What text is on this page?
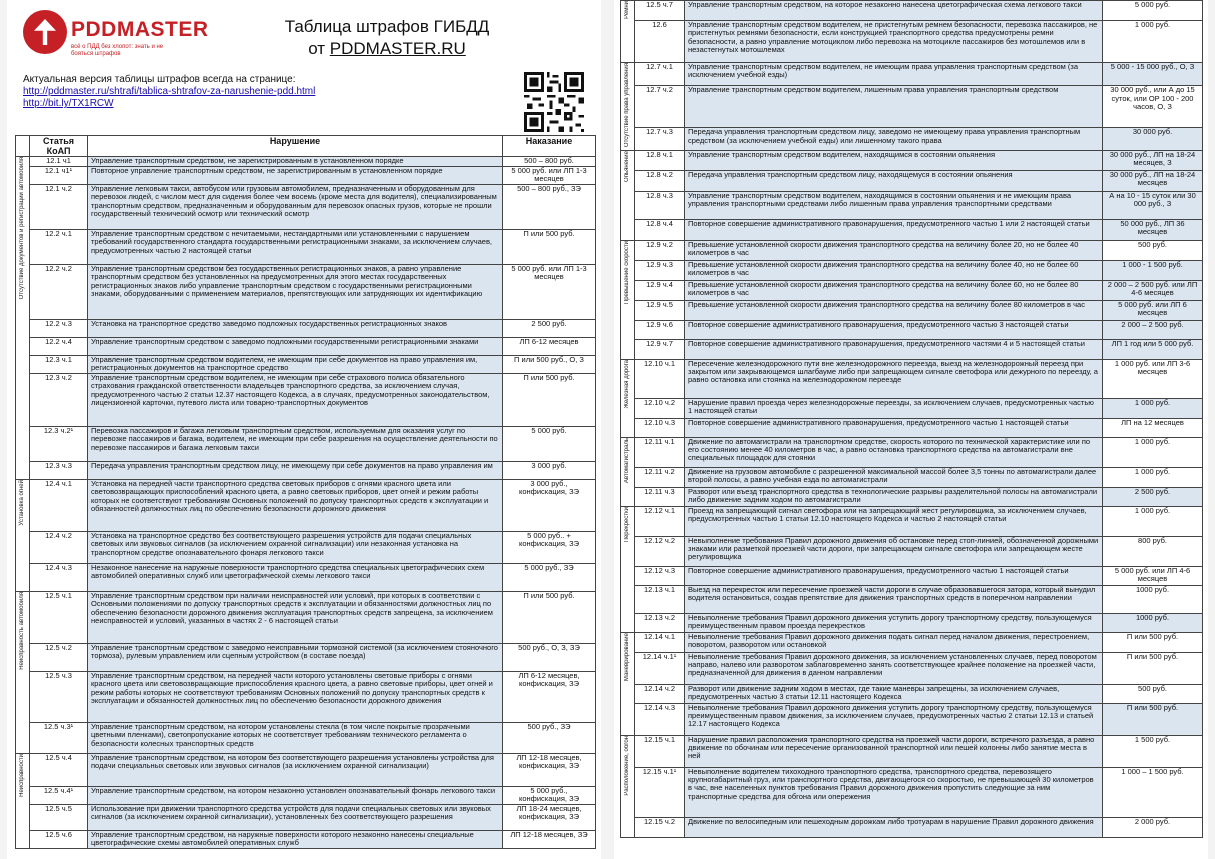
PDDMASTER
всё о ПДД без хлопот: знать и не бояться штрафов
Таблица штрафов ГИБДД
от PDDMASTER.RU
Актуальная версия таблицы штрафов всегда на странице:
http://pddmaster.ru/shtrafi/tablica-shtrafov-za-narushenie-pdd.html
http://bit.ly/TX1RCW
	Статья КоАП	Нарушение	Наказание
Отсутствие документов и регистрации автомобиля	12.1 ч1	Управление транспортным средством, не зарегистрированным в установленном порядке	500 – 800 руб.
	12.1 ч1¹	Повторное управление транспортным средством, не зарегистрированным в установленном порядке	5 000 руб. или ЛП 1-3 месяцев
	12.1 ч.2	Управление легковым такси, автобусом или грузовым автомобилем, предназначенным и оборудованным для перевозок людей, с числом мест для сидения более чем восемь (кроме места для водителя), специализированным транспортным средством, предназначенным и оборудованным для перевозок опасных грузов, которые не прошли государственный технический осмотр или технический осмотр	500 – 800 руб., ЗЭ
	12.2 ч.1	Управление транспортным средством с нечитаемыми, нестандартными или установленными с нарушением требований государственного стандарта государственными регистрационными знаками, за исключением случаев, предусмотренных частью 2 настоящей статьи	П или 500 руб.
	12.2 ч.2	Управление транспортным средством без государственных регистрационных знаков, а равно управление транспортным средством без установленных на предусмотренных для этого местах государственных регистрационных знаков либо управление транспортным средством с государственными регистрационными знаками, оборудованными с применением материалов, препятствующих или затрудняющих их идентификацию	5 000 руб. или ЛП 1-3 месяцев
	12.2 ч.3	Установка на транспортное средство заведомо подложных государственных регистрационных знаков	2 500 руб.
	12.2 ч.4	Управление транспортным средством с заведомо подложными государственными регистрационными знаками	ЛП 6-12 месяцев
	12.3 ч.1	Управление транспортным средством водителем, не имеющим при себе документов на право управления им, регистрационных документов на транспортное средство	П или 500 руб., О, З
	12.3 ч.2	Управление транспортным средством водителем, не имеющим при себе страхового полиса обязательного страхования гражданской ответственности владельцев транспортного средства, за исключением случая, предусмотренного частью 2 статьи 12.37 настоящего Кодекса, а в случаях, предусмотренных законодательством, лицензионной карточки, путевого листа или товарно-транспортных документов	П или 500 руб.
	12.3 ч.2¹	Перевозка пассажиров и багажа легковым транспортным средством, используемым для оказания услуг по перевозке пассажиров и багажа, водителем, не имеющим при себе разрешения на осуществление деятельности по перевозке пассажиров и багажа легковым такси	5 000 руб.
	12.3 ч.3	Передача управления транспортным средством лицу, не имеющему при себе документов на право управления им	3 000 руб.
Установка огней	12.4 ч.1	Установка на передней части транспортного средства световых приборов с огнями красного цвета или световозвращающих приспособлений красного цвета, а равно световых приборов, цвет огней и режим работы которых не соответствуют требованиям Основных положений по допуску транспортных средств к эксплуатации и обязанностей должностных лиц по обеспечению безопасности дорожного движения	3 000 руб., конфискация, ЗЭ
	12.4 ч.2	Установка на транспортное средство без соответствующего разрешения устройств для подачи специальных световых или звуковых сигналов (за исключением охранной сигнализации) или незаконная установка на транспортном средстве опознавательного фонаря легкового такси	5 000 руб.. + конфискация, ЗЭ
	12.4 ч.3	Незаконное нанесение на наружные поверхности транспортного средства специальных цветографических схем автомобилей оперативных служб или цветографической схемы легкового такси	5 000 руб., ЗЭ
Неисправность автомобиля	12.5 ч.1	Управление транспортным средством при наличии неисправностей или условий, при которых в соответствии с Основными положениями по допуску транспортных средств к эксплуатации и обязанностями должностных лиц по обеспечению безопасности дорожного движения эксплуатация транспортных средств запрещена, за исключением неисправностей и условий, указанных в частях 2 - 6 настоящей статьи	П или 500 руб.
	12.5 ч.2	Управление транспортным средством с заведомо неисправными тормозной системой (за исключением стояночного тормоза), рулевым управлением или сцепным устройством (в составе поезда)	500 руб., О, З, ЗЭ
	12.5 ч.3	Управление транспортным средством, на передней части которого установлены световые приборы с огнями красного цвета или световозвращающие приспособления красного цвета, а равно световые приборы, цвет огней и режим работы которых не соответствуют требованиям Основных положений по допуску транспортных средств к эксплуатации и обязанностей должностных лиц по обеспечению безопасности дорожного движения	ЛП 6-12 месяцев, конфискация, ЗЭ
	12.5 ч.3¹	Управление транспортным средством, на котором установлены стекла (в том числе покрытые прозрачными цветными пленками), светопропускание которых не соответствует требованиям технического регламента о безопасности колесных транспортных средств	500 руб., ЗЭ
Неисправности	12.5 ч.4	Управление транспортным средством, на котором без соответствующего разрешения установлены устройства для подачи специальных световых или звуковых сигналов (за исключением охранной сигнализации)	ЛП 12-18 месяцев, конфискация, ЗЭ
	12.5 ч.4¹	Управление транспортным средством, на котором незаконно установлен опознавательный фонарь легкового такси	5 000 руб., конфискация, ЗЭ
	12.5 ч.5	Использование при движении транспортного средства устройств для подачи специальных световых или звуковых сигналов (за исключением охранной сигнализации), установленных без соответствующего разрешения	ЛП 18-24 месяцев, конфискация, ЗЭ
	12.5 ч.6	Управление транспортным средством, на наружные поверхности которого незаконно нанесены специальные цветографические схемы автомобилей оперативных служб	ЛП 12-18 месяцев, ЗЭ
Ремни	12.5 ч.7	Управление транспортным средством, на которое незаконно нанесена цветографическая схема легкового такси	5 000 руб.
	12.6	Управление транспортным средством водителем, не пристегнутым ремнем безопасности, перевозка пассажиров, не пристегнутых ремнями безопасности, если конструкцией транспортного средства предусмотрены ремни безопасности, а равно управление мотоциклом либо перевозка на мотоцикле пассажиров без мотошлемов или в незастегнутых мотошлемах	1 000 руб.
Отсутствие права управления	12.7 ч.1	Управление транспортным средством водителем, не имеющим права управления транспортным средством (за исключением учебной езды)	5 000 - 15 000 руб., О, З
	12.7 ч.2	Управление транспортным средством водителем, лишенным права управления транспортным средством	30 000 руб., или А до 15 суток, или ОР 100 - 200 часов, О, З
	12.7 ч.3	Передача управления транспортным средством лицу, заведомо не имеющему права управления транспортным средством (за исключением учебной езды) или лишенному такого права	30 000 руб.
Опьянение	12.8 ч.1	Управление транспортным средством водителем, находящимся в состоянии опьянения	30 000 руб., ЛП на 18-24 месяцев, З
	12.8 ч.2	Передача управления транспортным средством лицу, находящемуся в состоянии опьянения	30 000 руб., ЛП на 18-24 месяцев
	12.8 ч.3	Управление транспортным средством водителем, находящимся в состоянии опьянения и не имеющим права управления транспортными средствами либо лишенным права управления транспортными средствами	А на 10 - 15 суток или 30 000 руб., З
	12.8 ч.4	Повторное совершение административного правонарушения, предусмотренного частью 1 или 2 настоящей статьи	50 000 руб., ЛП 36 месяцев
Превышение скорости	12.9 ч.2	Превышение установленной скорости движения транспортного средства на величину более 20, но не более 40 километров в час	500 руб.
	12.9 ч.3	Превышение установленной скорости движения транспортного средства на величину более 40, но не более 60 километров в час	1 000 - 1 500 руб.
	12.9 ч.4	Превышение установленной скорости движения транспортного средства на величину более 60, но не более 80 километров в час	2 000 – 2 500 руб. или ЛП 4-6 месяцев
	12.9 ч.5	Превышение установленной скорости движения транспортного средства на величину более 80 километров в час	5 000 руб. или ЛП 6 месяцев
	12.9 ч.6	Повторное совершение административного правонарушения, предусмотренного частью 3 настоящей статьи	2 000 – 2 500 руб.
	12.9 ч.7	Повторное совершение административного правонарушения, предусмотренного частями 4 и 5 настоящей статьи	ЛП 1 год или 5 000 руб.
Железная дорога	12.10 ч.1	Пересечение железнодорожного пути вне железнодорожного переезда, выезд на железнодорожный переезд при закрытом или закрывающемся шлагбауме либо при запрещающем сигнале светофора или дежурного по переезду, а равно остановка или стоянка на железнодорожном переезде	1 000 руб. или ЛП 3-6 месяцев
	12.10 ч.2	Нарушение правил проезда через железнодорожные переезды, за исключением случаев, предусмотренных частью 1 настоящей статьи	1 000 руб.
	12.10 ч.3	Повторное совершение административного правонарушения, предусмотренного частью 1 настоящей статьи	ЛП на 12 месяцев
Автомагистраль	12.11 ч.1	Движение по автомагистрали на транспортном средстве, скорость которого по технической характеристике или по его состоянию менее 40 километров в час, а равно остановка транспортного средства на автомагистрали вне специальных площадок для стоянки	1 000 руб.
	12.11 ч.2	Движение на грузовом автомобиле с разрешенной максимальной массой более 3,5 тонны по автомагистрали далее второй полосы, а равно учебная езда по автомагистрали	1 000 руб.
	12.11 ч.3	Разворот или въезд транспортного средства в технологические разрывы разделительной полосы на автомагистрали либо движение задним ходом по автомагистрали	2 500 руб.
Перекрестки	12.12 ч.1	Проезд на запрещающий сигнал светофора или на запрещающий жест регулировщика, за исключением случаев, предусмотренных частью 1 статьи 12.10 настоящего Кодекса и частью 2 настоящей статьи	1 000 руб.
	12.12 ч.2	Невыполнение требования Правил дорожного движения об остановке перед стоп-линией, обозначенной дорожными знаками или разметкой проезжей части дороги, при запрещающем сигнале светофора или запрещающем жесте регулировщика	800 руб.
	12.12 ч.3	Повторное совершение административного правонарушения, предусмотренного частью 1 настоящей статьи	5 000 руб. или ЛП 4-6 месяцев
	12.13 ч.1	Выезд на перекресток или пересечение проезжей части дороги в случае образовавшегося затора, который вынудил водителя остановиться, создав препятствие для движения транспортных средств в поперечном направлении	1000 руб.
	12.13 ч.2	Невыполнение требования Правил дорожного движения уступить дорогу транспортному средству, пользующемуся преимущественным правом проезда перекрестков	1000 руб.
Маневрирование	12.14 ч.1	Невыполнение требования Правил дорожного движения подать сигнал перед началом движения, перестроением, поворотом, разворотом или остановкой	П или 500 руб.
	12.14 ч.1¹	Невыполнение требования Правил дорожного движения, за исключением установленных случаев, перед поворотом направо, налево или разворотом заблаговременно занять соответствующее крайнее положение на проезжей части, предназначенной для движения в данном направлении	П или 500 руб.
	12.14 ч.2	Разворот или движение задним ходом в местах, где такие маневры запрещены, за исключением случаев, предусмотренных частью 3 статьи 12.11 настоящего Кодекса	500 руб.
	12.14 ч.3	Невыполнение требования Правил дорожного движения уступить дорогу транспортному средству, пользующемуся преимущественным правом движения, за исключением случаев, предусмотренных частью 2 статьи 12.13 и статьей 12.17 настоящего Кодекса	П или 500 руб.
Расположение, обгон	12.15 ч.1	Нарушение правил расположения транспортного средства на проезжей части дороги, встречного разъезда, а равно движение по обочинам или пересечение организованной транспортной или пешей колонны либо занятие места в ней	1 500 руб.
	12.15 ч.1¹	Невыполнение водителем тихоходного транспортного средства, транспортного средства, перевозящего крупногабаритный груз, или транспортного средства, двигающегося со скоростью, не превышающей 30 километров в час, вне населенных пунктов требования Правил дорожного движения пропустить следующие за ним транспортные средства для обгона или опережения	1 000 – 1 500 руб.
	12.15 ч.2	Движение по велосипедным или пешеходным дорожкам либо тротуарам в нарушение Правил дорожного движения	2 000 руб.
